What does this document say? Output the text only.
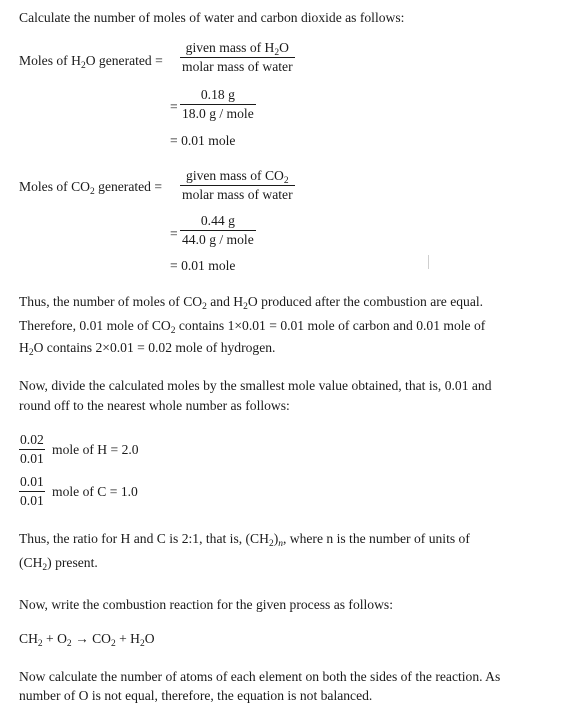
Calculate the number of moles of water and carbon dioxide as follows:
Moles of $H_2O$ generated =
given mass of $H_2O$
molar mass of water
=
0.18 g
18.0 g / mole
= 0.01 mole
Moles of $CO_2$ generated =
given mass of $CO_2$
molar mass of water
=
0.44 g
44.0 g / mole
= 0.01 mole
Thus, the number of moles of $CO_2$ and $H_2O$ produced after the combustion are equal.
Therefore, 0.01 mole of $CO_2$ contains 1×0.01 = 0.01 mole of carbon and 0.01 mole of
$H_2O$ contains 2×0.01 = 0.02 mole of hydrogen.
Now, divide the calculated moles by the smallest mole value obtained, that is, 0.01 and
round off to the nearest whole number as follows:
$\frac{0.02}{0.01}$ mole of H = 2.0
$\frac{0.01}{0.01}$ mole of C = 1.0
Thus, the ratio for H and C is 2:1, that is, $(CH_2)_n$, where n is the number of units of
$(CH_2)$ present.
Now, write the combustion reaction for the given process as follows:
$CH_2 + O_2 \to CO_2 + H_2O$
Now calculate the number of atoms of each element on both the sides of the reaction. As
number of O is not equal, therefore, the equation is not balanced.
